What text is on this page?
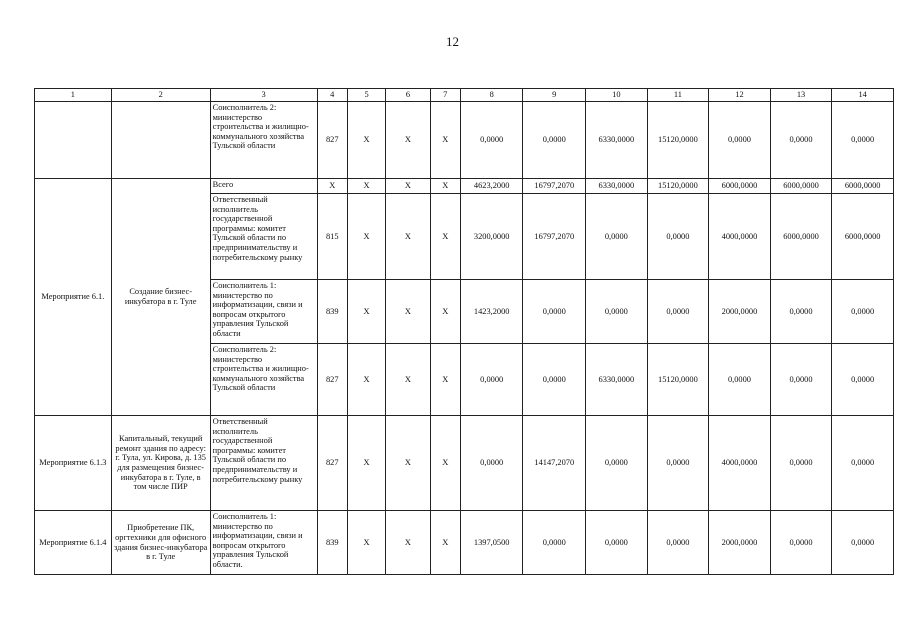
12
1	2	3	4	5	6	7	8	9	10	11	12	13	14
		Соисполнитель 2: министерство строительства и жилищно-коммунального хозяйства Тульской области	827	Х	Х	Х	0,0000	0,0000	6330,0000	15120,0000	0,0000	0,0000	0,0000
Мероприятие 6.1.	Создание бизнес-инкубатора в г. Туле	Всего	Х	Х	Х	Х	4623,2000	16797,2070	6330,0000	15120,0000	6000,0000	6000,0000	6000,0000
		Ответственный исполнитель государственной программы: комитет Тульской области по предпринимательству и потребительскому рынку	815	Х	Х	Х	3200,0000	16797,2070	0,0000	0,0000	4000,0000	6000,0000	6000,0000
		Соисполнитель 1: министерство по информатизации, связи и вопросам открытого управления Тульской области	839	Х	Х	Х	1423,2000	0,0000	0,0000	0,0000	2000,0000	0,0000	0,0000
		Соисполнитель 2: министерство строительства и жилищно-коммунального хозяйства Тульской области	827	Х	Х	Х	0,0000	0,0000	6330,0000	15120,0000	0,0000	0,0000	0,0000
Мероприятие 6.1.3	Капитальный, текущий ремонт здания по адресу: г. Тула, ул. Кирова, д. 135 для размещения бизнес-инкубатора в г. Туле, в том числе ПИР	Ответственный исполнитель государственной программы: комитет Тульской области по предпринимательству и потребительскому рынку	827	Х	Х	Х	0,0000	14147,2070	0,0000	0,0000	4000,0000	0,0000	0,0000
Мероприятие 6.1.4	Приобретение ПК, оргтехники для офисного здания бизнес-инкубатора в г. Туле	Соисполнитель 1: министерство по информатизации, связи и вопросам открытого управления Тульской области.	839	Х	Х	Х	1397,0500	0,0000	0,0000	0,0000	2000,0000	0,0000	0,0000
